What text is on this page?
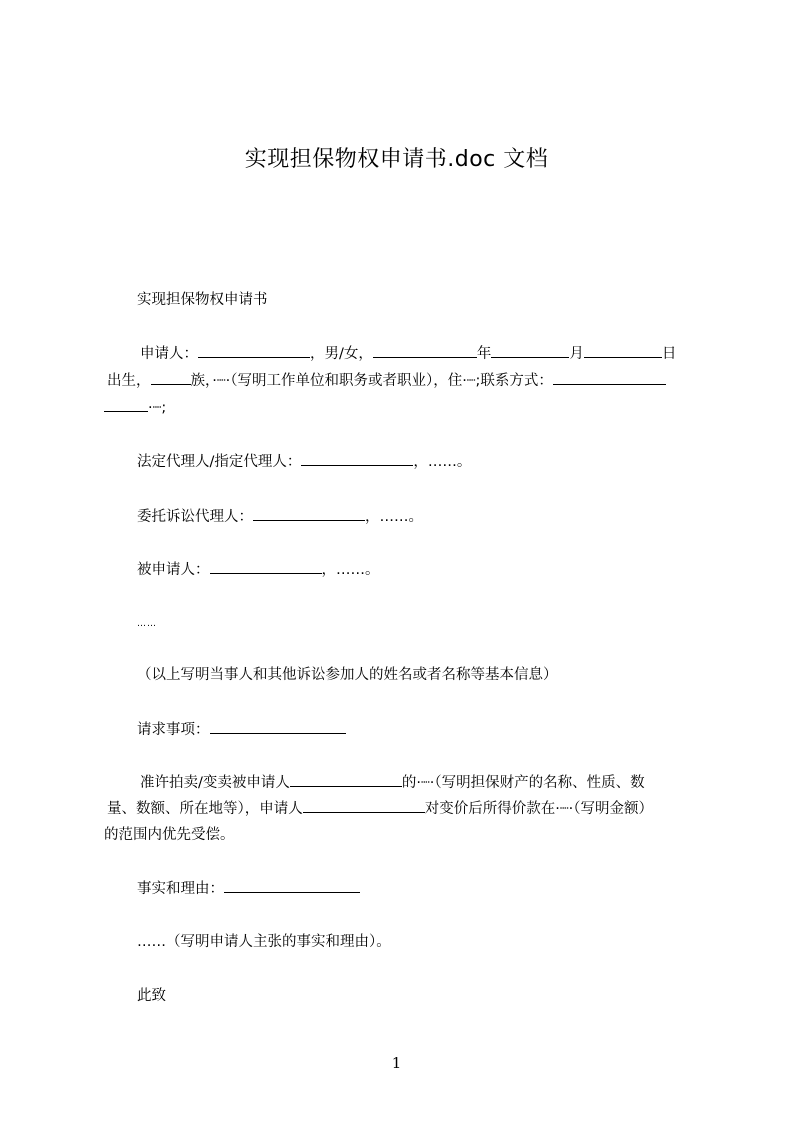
实现担保物权申请书.doc 文档
实现担保物权申请书
申请人：	，男/女，	年	月	日
出生，	族，·┈·（写明工作单位和职务或者职业），住·┈;联系方式：
·┈;
法定代理人/指定代理人：	，……。
委托诉讼代理人：	，……。
被申请人：	，……。
……
（以上写明当事人和其他诉讼参加人的姓名或者名称等基本信息）
请求事项：
准许拍卖/变卖被申请人	的·┈·（写明担保财产的名称、性质、数
量、数额、所在地等），申请人	对变价后所得价款在·┈·（写明金额）
的范围内优先受偿。
事实和理由：
……（写明申请人主张的事实和理由）。
此致
1
